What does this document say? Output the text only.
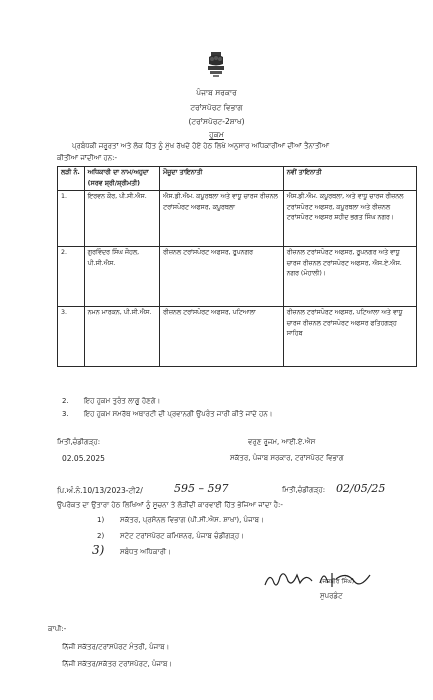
ਪੰਜਾਬ ਸਰਕਾਰ
ਟਰਾਂਸਪੋਰਟ ਵਿਭਾਗ
(ਟਰਾਂਸਪੋਰਟ-2ਸ਼ਾਖ)
ਹੁਕਮ
ਪ੍ਰਬੰਧਕੀ ਜਰੂਰਤਾਂ ਅਤੇ ਲੋਕ ਹਿੱਤ ਨੂੰ ਮੁੱਖ ਰੱਖਦੇ ਹੋਏ ਹੇਠ ਲਿਖੇ ਅਨੁਸਾਰ ਅਧਿਕਾਰੀਆਂ ਦੀਆਂ ਤੈਨਾਤੀਆਂ
ਕੀਤੀਆਂ ਜਾਂਦੀਆਂ ਹਨ:-
ਲੜੀ ਨੰ.	ਅਧਿਕਾਰੀ ਦਾ ਨਾਮ/ਅਹੁਦਾ (ਸਰਵ ਸ਼੍ਰੀ/ਸ਼੍ਰੀਮਤੀ)	ਮੌਜੂਦਾ ਤਾਇਨਾਤੀ	ਨਵੀਂ ਤਾਇਨਾਤੀ
1.	ਇਰਵਨ ਕੌਰ, ਪੀ.ਸੀ.ਐਸ.	ਐਸ.ਡੀ.ਐਮ. ਕਪੂਰਥਲਾ ਅਤੇ ਵਾਧੂ ਚਾਰਜ ਰੀਜ਼ਨਲ ਟਰਾਂਸਪੋਰਟ ਅਫਸਰ, ਕਪੂਰਥਲਾ	ਐਸ.ਡੀ.ਐਮ. ਕਪੂਰਥਲਾ, ਅਤੇ ਵਾਧੂ ਚਾਰਜ ਰੀਜ਼ਨਲ ਟਰਾਂਸਪੋਰਟ ਅਫਸਰ, ਕਪੂਰਥਲਾ ਅਤੇ ਰੀਜ਼ਨਲ ਟਰਾਂਸਪੋਰਟ ਅਫਸਰ ਸ਼ਹੀਦ ਭਗਤ ਸਿੰਘ ਨਗਰ।
2.	ਗੁਰਵਿੰਦਰ ਸਿੰਘ ਜੌਹਲ, ਪੀ.ਸੀ.ਐਸ.	ਰੀਜ਼ਨਲ ਟਰਾਂਸਪੋਰਟ ਅਫਸਰ, ਰੂਪਨਗਰ	ਰੀਜ਼ਨਲ ਟਰਾਂਸਪੋਰਟ ਅਫਸਰ, ਰੂਪਨਗਰ ਅਤੇ ਵਾਧੂ ਚਾਰਜ ਰੀਜ਼ਨਲ ਟਰਾਂਸਪੋਰਟ ਅਫਸਰ, ਐਸ.ਏ.ਐਸ. ਨਗਰ (ਮੋਹਾਲੀ)।
3.	ਨਮਨ ਮਾਰਕਨ, ਪੀ.ਸੀ.ਐਸ.	ਰੀਜ਼ਨਲ ਟਰਾਂਸਪੋਰਟ ਅਫਸਰ, ਪਟਿਆਲਾ	ਰੀਜ਼ਨਲ ਟਰਾਂਸਪੋਰਟ ਅਫਸਰ, ਪਟਿਆਲਾ ਅਤੇ ਵਾਧੂ ਚਾਰਜ ਰੀਜ਼ਨਲ ਟਰਾਂਸਪੋਰਟ ਅਫਸਰ ਫਤਿਹਗੜ੍ਹ ਸਾਹਿਬ
2. ਇਹ ਹੁਕਮ ਤੁਰੰਤ ਲਾਗੂ ਹੋਣਗੇ।
3. ਇਹ ਹੁਕਮ ਸਮਰੱਥ ਅਥਾਰਟੀ ਦੀ ਪ੍ਰਵਾਨਗੀ ਉਪਰੰਤ ਜਾਰੀ ਕੀਤੇ ਜਾਂਦੇ ਹਨ।
ਮਿਤੀ,ਚੰਡੀਗੜ੍ਹ:	ਵਰੁਣ ਰੂਜਮ, ਆਈ.ਏ.ਐਸ
02.05.2025	ਸਕੱਤਰ, ਪੰਜਾਬ ਸਰਕਾਰ, ਟਰਾਂਸਪੋਰਟ ਵਿਭਾਗ
ਪਿ.ਅੰ.ਨੰ.10/13/2023-ਟੀ2/	595 – 597	ਮਿਤੀ,ਚੰਡੀਗੜ੍ਹ: 02/05/25
ਉਪਰੋਕਤ ਦਾ ਉਤਾਰਾ ਹੇਠ ਲਿਖਿਆਂ ਨੂੰ ਸੂਚਨਾ ਤੇ ਲੋੜੀਂਦੀ ਕਾਰਵਾਈ ਹਿੱਤ ਭੇਜਿਆ ਜਾਂਦਾ ਹੈ:-
1) ਸਕੱਤਰ, ਪ੍ਰਸੋਨਲ ਵਿਭਾਗ (ਪੀ.ਸੀ.ਐਸ. ਸ਼ਾਖਾ), ਪੰਜਾਬ।
2) ਸਟੇਟ ਟਰਾਂਸਪੋਰਟ ਕਮਿਸ਼ਨਰ, ਪੰਜਾਬ ਚੰਡੀਗੜ੍ਹ।
3) ਸਬੰਧਤ ਅਧਿਕਾਰੀ।
(ਜਸਬੀਰ ਸਿੰਘ)
ਸੁਪਰਡੰਟ
ਕਾਪੀ:-
ਨਿੱਜੀ ਸਕੱਤਰ/ਟਰਾਂਸਪੋਰਟ ਮੰਤਰੀ, ਪੰਜਾਬ।
ਨਿੱਜੀ ਸਕੱਤਰ/ਸਕੱਤਰ ਟਰਾਂਸਪੋਰਟ, ਪੰਜਾਬ।
